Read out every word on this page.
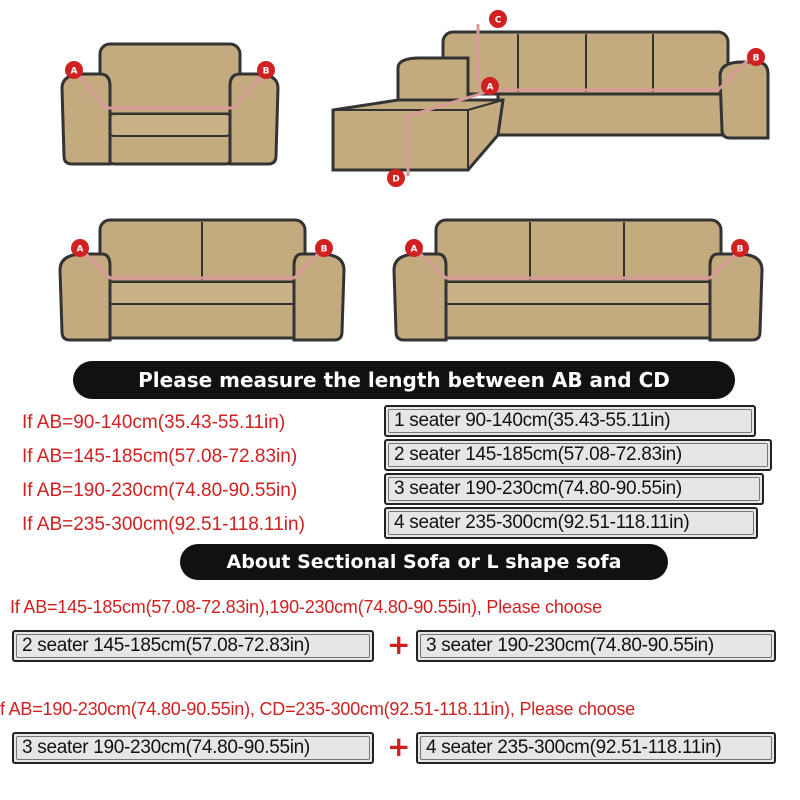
A	B
C
A
B
D
A	B	A	B
Please measure the length between AB and CD
If AB=90-140cm(35.43-55.11in)	1 seater 90-140cm(35.43-55.11in)
If AB=145-185cm(57.08-72.83in)	2 seater 145-185cm(57.08-72.83in)
If AB=190-230cm(74.80-90.55in)	3 seater 190-230cm(74.80-90.55in)
If AB=235-300cm(92.51-118.11in)	4 seater 235-300cm(92.51-118.11in)
About Sectional Sofa or L shape sofa
If AB=145-185cm(57.08-72.83in),190-230cm(74.80-90.55in), Please choose
2 seater 145-185cm(57.08-72.83in)	+ 3 seater 190-230cm(74.80-90.55in)
f AB=190-230cm(74.80-90.55in), CD=235-300cm(92.51-118.11in), Please choose
3 seater 190-230cm(74.80-90.55in)	+ 4 seater 235-300cm(92.51-118.11in)
